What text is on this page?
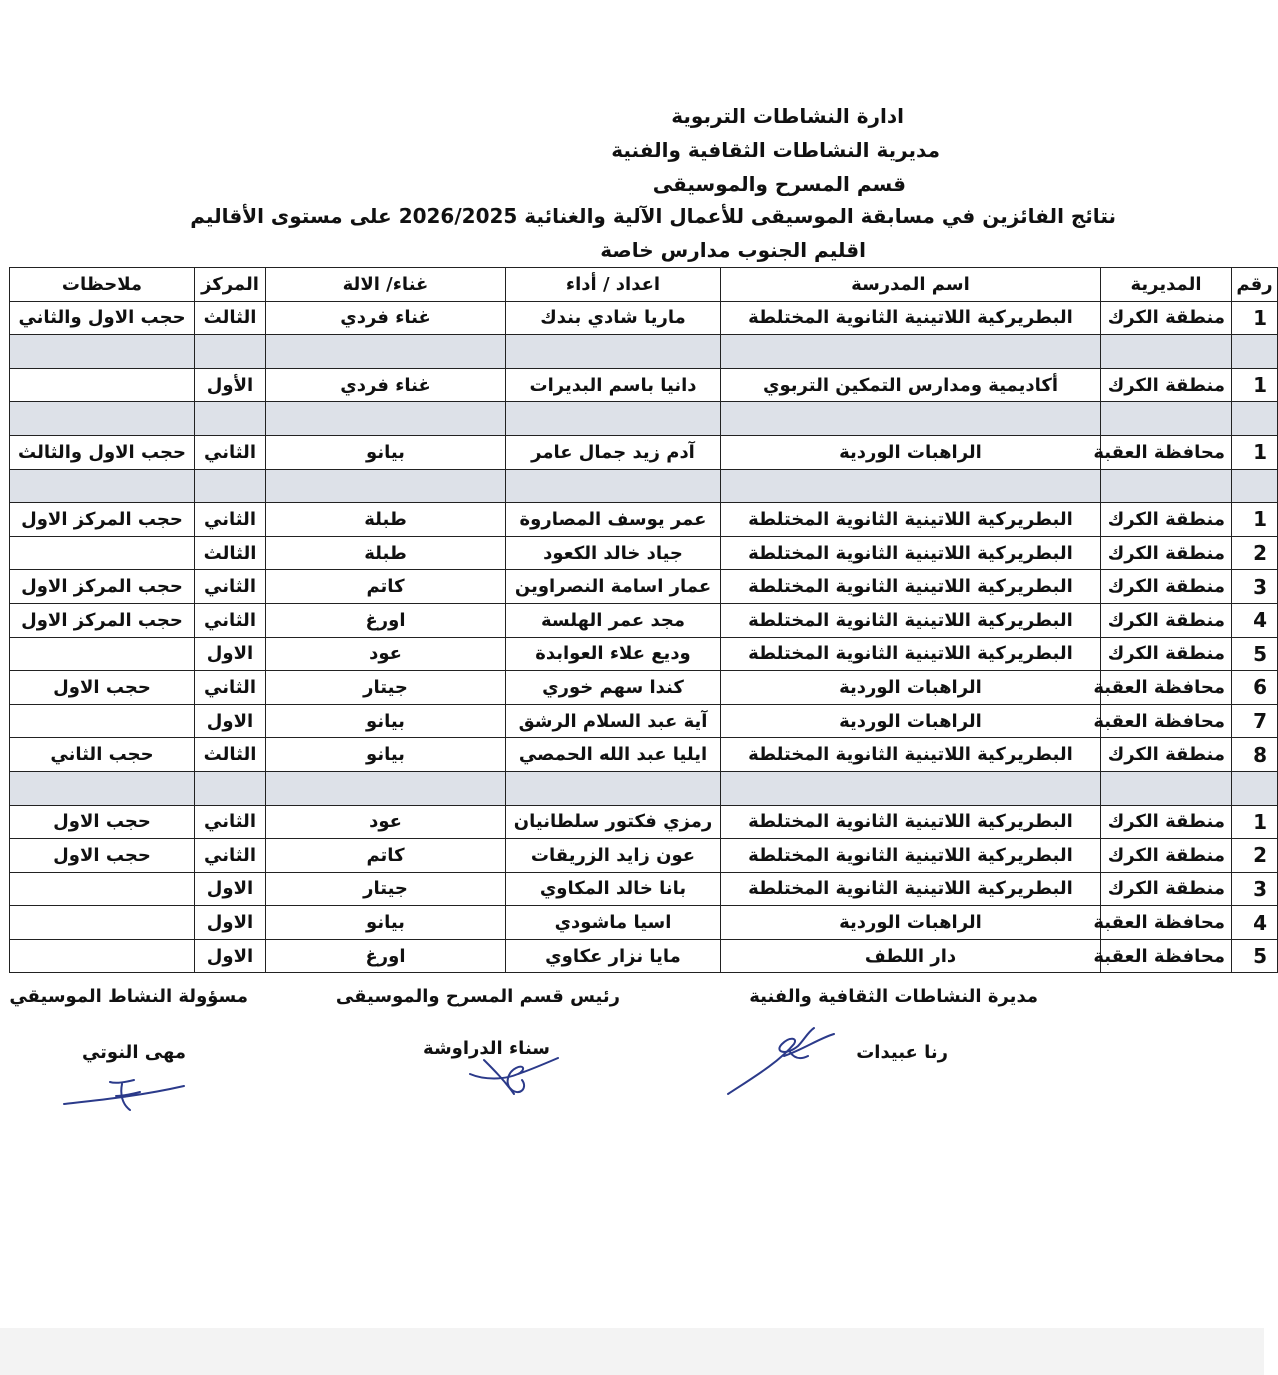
ادارة النشاطات التربوية
مديرية النشاطات الثقافية والفنية
قسم المسرح والموسيقى
نتائج الفائزين في مسابقة الموسيقى للأعمال الآلية والغنائية 2026/2025 على مستوى الأقاليم
اقليم الجنوب مدارس خاصة
رقم	المديرية	اسم المدرسة	اعداد / أداء	غناء/ الالة	المركز	ملاحظات
1	منطقة الكرك	البطريركية اللاتينية الثانوية المختلطة	ماريا شادي بندك	غناء فردي	الثالث	حجب الاول والثاني

1	منطقة الكرك	أكاديمية ومدارس التمكين التربوي	دانيا باسم البديرات	غناء فردي	الأول	

1	محافظة العقبة	الراهبات الوردية	آدم زيد جمال عامر	بيانو	الثاني	حجب الاول والثالث

1	منطقة الكرك	البطريركية اللاتينية الثانوية المختلطة	عمر يوسف المصاروة	طبلة	الثاني	حجب المركز الاول
2	منطقة الكرك	البطريركية اللاتينية الثانوية المختلطة	جياد خالد الكعود	طبلة	الثالث	
3	منطقة الكرك	البطريركية اللاتينية الثانوية المختلطة	عمار اسامة النصراوين	كاتم	الثاني	حجب المركز الاول
4	منطقة الكرك	البطريركية اللاتينية الثانوية المختلطة	مجد عمر الهلسة	اورغ	الثاني	حجب المركز الاول
5	منطقة الكرك	البطريركية اللاتينية الثانوية المختلطة	وديع علاء العوابدة	عود	الاول	
6	محافظة العقبة	الراهبات الوردية	كندا سهم خوري	جيتار	الثاني	حجب الاول
7	محافظة العقبة	الراهبات الوردية	آية عبد السلام الرشق	بيانو	الاول	
8	منطقة الكرك	البطريركية اللاتينية الثانوية المختلطة	ايليا عبد الله الحمصي	بيانو	الثالث	حجب الثاني

1	منطقة الكرك	البطريركية اللاتينية الثانوية المختلطة	رمزي فكتور سلطانيان	عود	الثاني	حجب الاول
2	منطقة الكرك	البطريركية اللاتينية الثانوية المختلطة	عون زايد الزريقات	كاتم	الثاني	حجب الاول
3	منطقة الكرك	البطريركية اللاتينية الثانوية المختلطة	بانا خالد المكاوي	جيتار	الاول	
4	محافظة العقبة	الراهبات الوردية	اسيا ماشودي	بيانو	الاول	
5	محافظة العقبة	دار اللطف	مايا نزار عكاوي	اورغ	الاول	
مديرة النشاطات الثقافية والفنية
رئيس قسم المسرح والموسيقى
مسؤولة النشاط الموسيقي
رنا عبيدات
سناء الدراوشة
مهى النوتي
